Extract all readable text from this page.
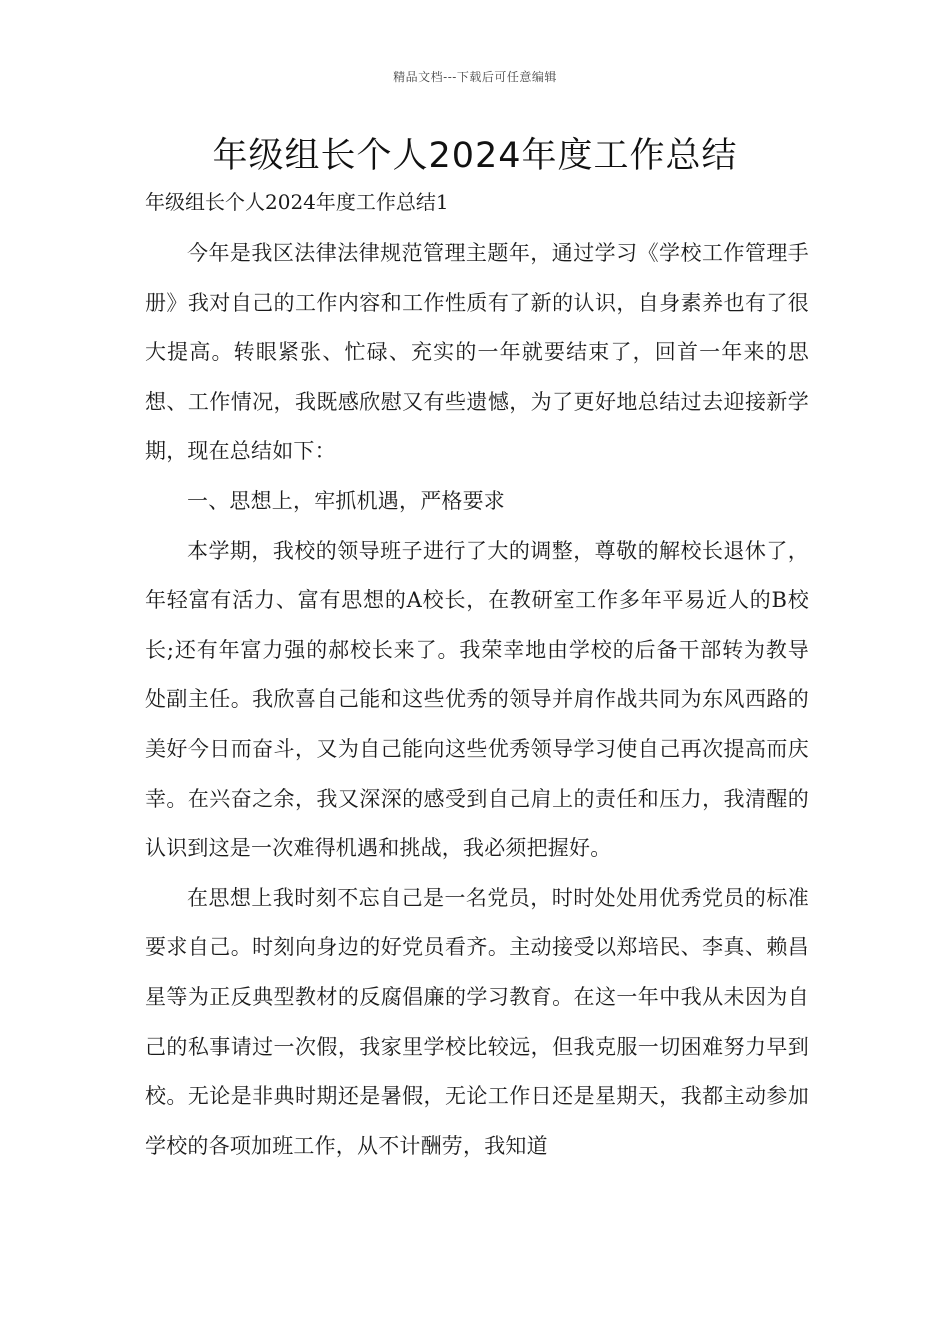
精品文档---下载后可任意编辑
年级组长个人2024年度工作总结

年级组长个人2024年度工作总结1

今年是我区法律法律规范管理主题年，通过学习《学校工作管理手册》我对自己的工作内容和工作性质有了新的认识，自身素养也有了很大提高。转眼紧张、忙碌、充实的一年就要结束了，回首一年来的思想、工作情况，我既感欣慰又有些遗憾，为了更好地总结过去迎接新学期，现在总结如下：

一、思想上，牢抓机遇，严格要求

本学期，我校的领导班子进行了大的调整，尊敬的解校长退休了，年轻富有活力、富有思想的A校长，在教研室工作多年平易近人的B校长;还有年富力强的郝校长来了。我荣幸地由学校的后备干部转为教导处副主任。我欣喜自己能和这些优秀的领导并肩作战共同为东风西路的美好今日而奋斗，又为自己能向这些优秀领导学习使自己再次提高而庆幸。在兴奋之余，我又深深的感受到自己肩上的责任和压力，我清醒的认识到这是一次难得机遇和挑战，我必须把握好。

在思想上我时刻不忘自己是一名党员，时时处处用优秀党员的标准要求自己。时刻向身边的好党员看齐。主动接受以郑培民、李真、赖昌星等为正反典型教材的反腐倡廉的学习教育。在这一年中我从未因为自己的私事请过一次假，我家里学校比较远，但我克服一切困难努力早到校。无论是非典时期还是暑假，无论工作日还是星期天，我都主动参加学校的各项加班工作，从不计酬劳，我知道
